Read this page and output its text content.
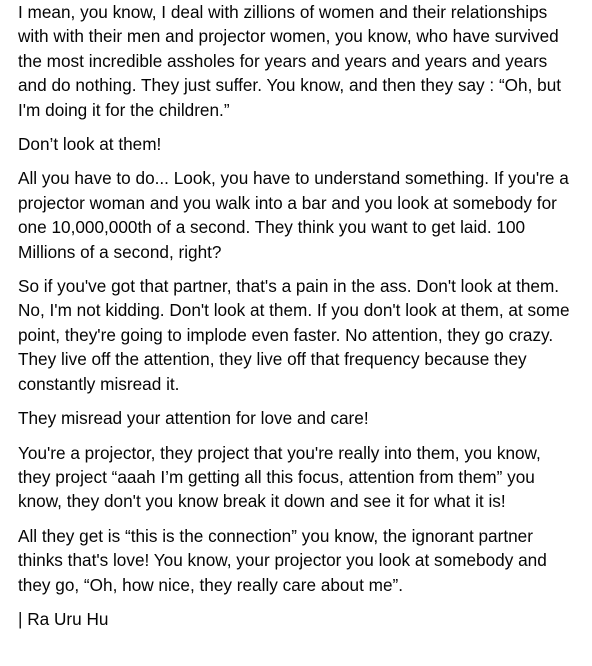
I mean, you know, I deal with zillions of women and their relationships with with their men and projector women, you know, who have survived the most incredible assholes for years and years and years and years and do nothing. They just suffer. You know, and then they say : “Oh, but I'm doing it for the children.”

Don’t look at them!

All you have to do... Look, you have to understand something. If you're a projector woman and you walk into a bar and you look at somebody for one 10,000,000th of a second. They think you want to get laid. 100 Millions of a second, right?

So if you've got that partner, that's a pain in the ass. Don't look at them. No, I'm not kidding. Don't look at them. If you don't look at them, at some point, they're going to implode even faster. No attention, they go crazy. They live off the attention, they live off that frequency because they constantly misread it.

They misread your attention for love and care!

You're a projector, they project that you're really into them, you know, they project “aaah I’m getting all this focus, attention from them” you know, they don't you know break it down and see it for what it is!

All they get is “this is the connection” you know, the ignorant partner thinks that's love! You know, your projector you look at somebody and they go, “Oh, how nice, they really care about me”.

| Ra Uru Hu
